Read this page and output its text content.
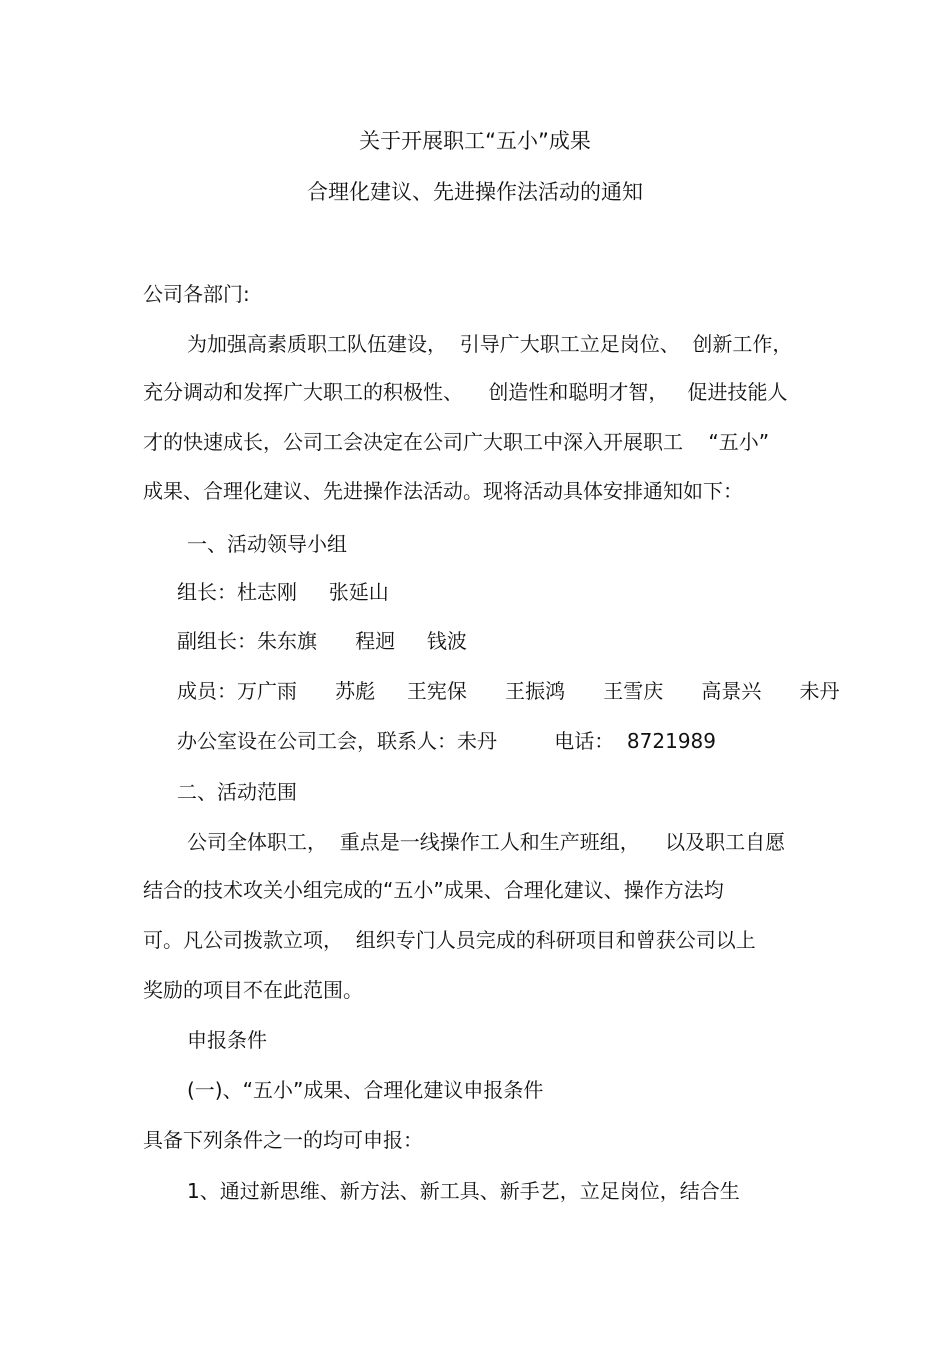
关于开展职工“五小”成果
合理化建议、先进操作法活动的通知
公司各部门:
为加强高素质职工队伍建设，  引导广大职工立足岗位、  创新工作，
充分调动和发挥广大职工的积极性、    创造性和聪明才智，   促进技能人
才的快速成长，公司工会决定在公司广大职工中深入开展职工    “五小”
成果、合理化建议、先进操作法活动。现将活动具体安排通知如下：
一、活动领导小组
组长：杜志刚     张延山
副组长：朱东旗      程迥     钱波
成员：万广雨      苏彪     王宪保      王振鸿      王雪庆      高景兴      未丹
办公室设在公司工会，联系人：未丹         电话：  8721989
二、活动范围
公司全体职工，  重点是一线操作工人和生产班组，    以及职工自愿
结合的技术攻关小组完成的“五小”成果、合理化建议、操作方法均
可。凡公司拨款立项，  组织专门人员完成的科研项目和曾获公司以上
奖励的项目不在此范围。
申报条件
(一)、“五小”成果、合理化建议申报条件
具备下列条件之一的均可申报：
1、通过新思维、新方法、新工具、新手艺，立足岗位，结合生
